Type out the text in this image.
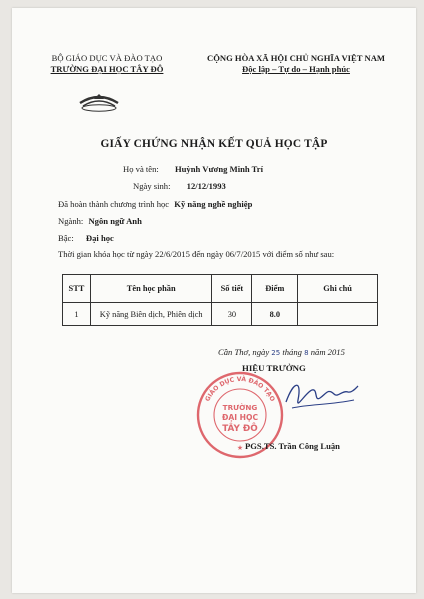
BỘ GIÁO DỤC VÀ ĐÀO TẠO
TRƯỜNG ĐẠI HỌC TÂY ĐÔ
CỘNG HÒA XÃ HỘI CHỦ NGHĨA VIỆT NAM
Độc lập – Tự do – Hạnh phúc
GIẤY CHỨNG NHẬN KẾT QUẢ HỌC TẬP
Họ và tên: Huỳnh Vương Minh Trí
Ngày sinh: 12/12/1993
Đã hoàn thành chương trình học Kỹ năng nghề nghiệp
Ngành: Ngôn ngữ Anh
Bậc: Đại học
Thời gian khóa học từ ngày 22/6/2015 đến ngày 06/7/2015 với điểm số như sau:
STT	Tên học phần	Số tiết	Điểm	Ghi chú
1	Kỹ năng Biên dịch, Phiên dịch	30	8.0	
Cần Thơ, ngày 25 tháng 8 năm 2015
HIỆU TRƯỞNG
GIÁO DỤC VÀ ĐÀO TẠO
TRƯỜNG
ĐẠI HỌC
TÂY ĐÔ
★ PGS.TS. Trần Công Luận
